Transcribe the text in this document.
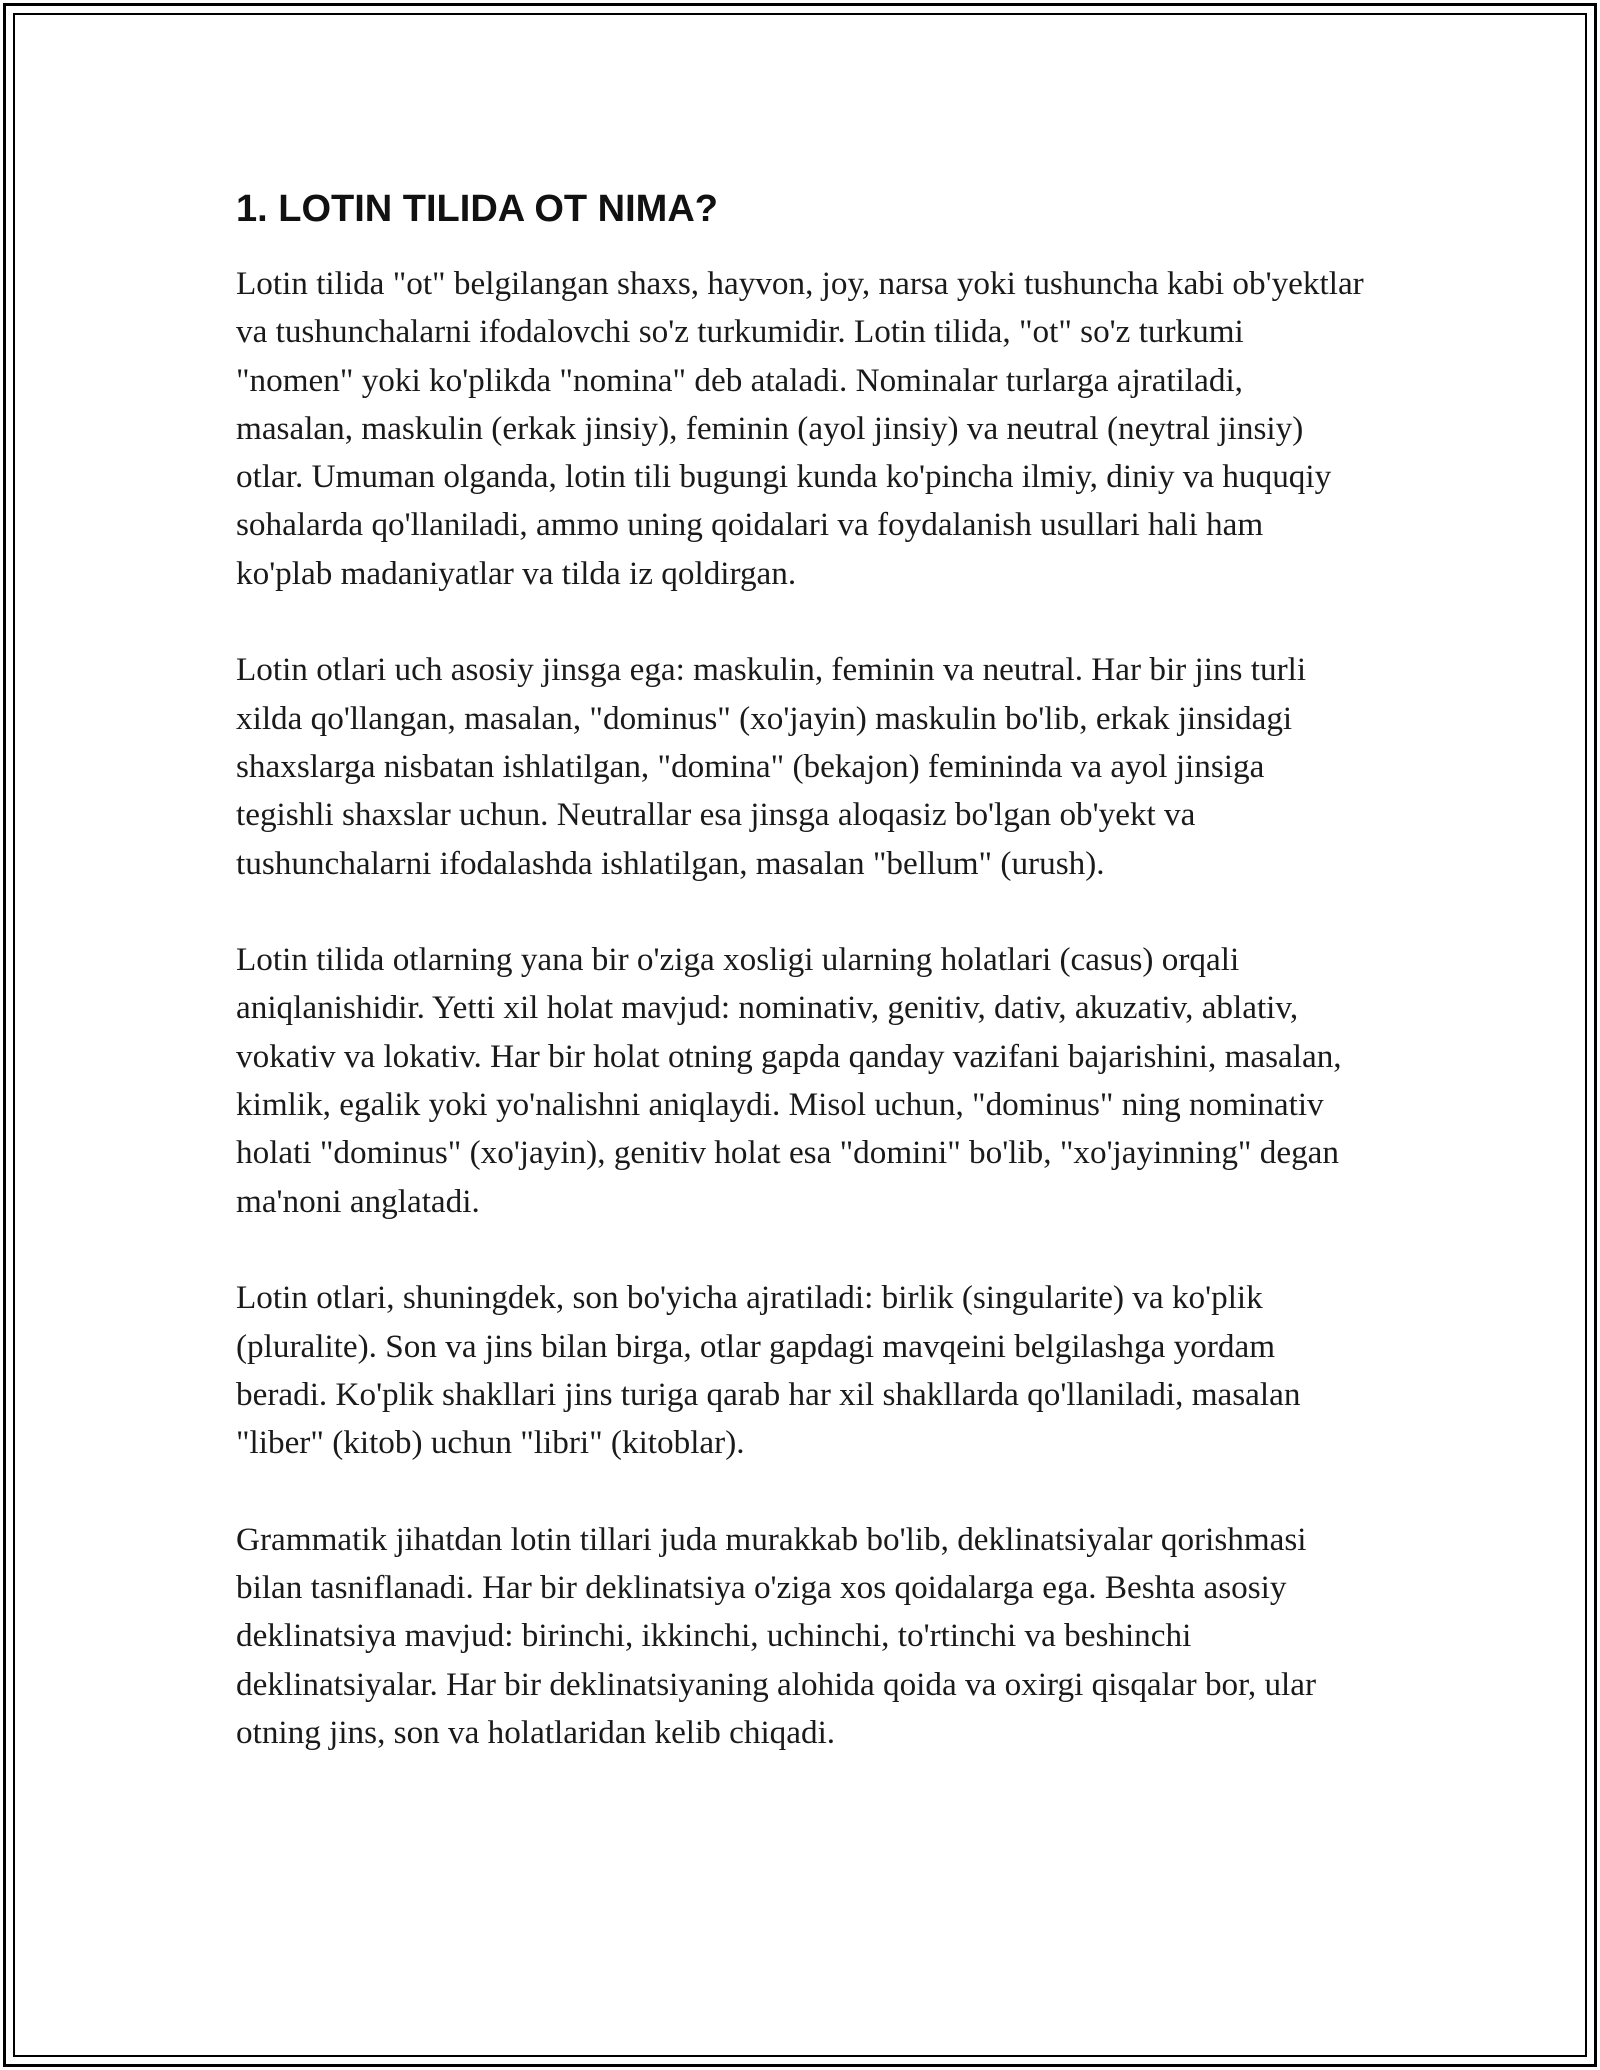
1. LOTIN TILIDA OT NIMA?

Lotin tilida "ot" belgilangan shaxs, hayvon, joy, narsa yoki tushuncha kabi ob'yektlar va tushunchalarni ifodalovchi so'z turkumidir. Lotin tilida, "ot" so'z turkumi "nomen" yoki ko'plikda "nomina" deb ataladi. Nominalar turlarga ajratiladi, masalan, maskulin (erkak jinsiy), feminin (ayol jinsiy) va neutral (neytral jinsiy) otlar. Umuman olganda, lotin tili bugungi kunda ko'pincha ilmiy, diniy va huquqiy sohalarda qo'llaniladi, ammo uning qoidalari va foydalanish usullari hali ham ko'plab madaniyatlar va tilda iz qoldirgan.

Lotin otlari uch asosiy jinsga ega: maskulin, feminin va neutral. Har bir jins turli xilda qo'llangan, masalan, "dominus" (xo'jayin) maskulin bo'lib, erkak jinsidagi shaxslarga nisbatan ishlatilgan, "domina" (bekajon) femininda va ayol jinsiga tegishli shaxslar uchun. Neutrallar esa jinsga aloqasiz bo'lgan ob'yekt va tushunchalarni ifodalashda ishlatilgan, masalan "bellum" (urush).

Lotin tilida otlarning yana bir o'ziga xosligi ularning holatlari (casus) orqali aniqlanishidir. Yetti xil holat mavjud: nominativ, genitiv, dativ, akuzativ, ablativ, vokativ va lokativ. Har bir holat otning gapda qanday vazifani bajarishini, masalan, kimlik, egalik yoki yo'nalishni aniqlaydi. Misol uchun, "dominus" ning nominativ holati "dominus" (xo'jayin), genitiv holat esa "domini" bo'lib, "xo'jayinning" degan ma'noni anglatadi.

Lotin otlari, shuningdek, son bo'yicha ajratiladi: birlik (singularite) va ko'plik (pluralite). Son va jins bilan birga, otlar gapdagi mavqeini belgilashga yordam beradi. Ko'plik shakllari jins turiga qarab har xil shakllarda qo'llaniladi, masalan "liber" (kitob) uchun "libri" (kitoblar).

Grammatik jihatdan lotin tillari juda murakkab bo'lib, deklinatsiyalar qorishmasi bilan tasniflanadi. Har bir deklinatsiya o'ziga xos qoidalarga ega. Beshta asosiy deklinatsiya mavjud: birinchi, ikkinchi, uchinchi, to'rtinchi va beshinchi deklinatsiyalar. Har bir deklinatsiyaning alohida qoida va oxirgi qisqalar bor, ular otning jins, son va holatlaridan kelib chiqadi.
